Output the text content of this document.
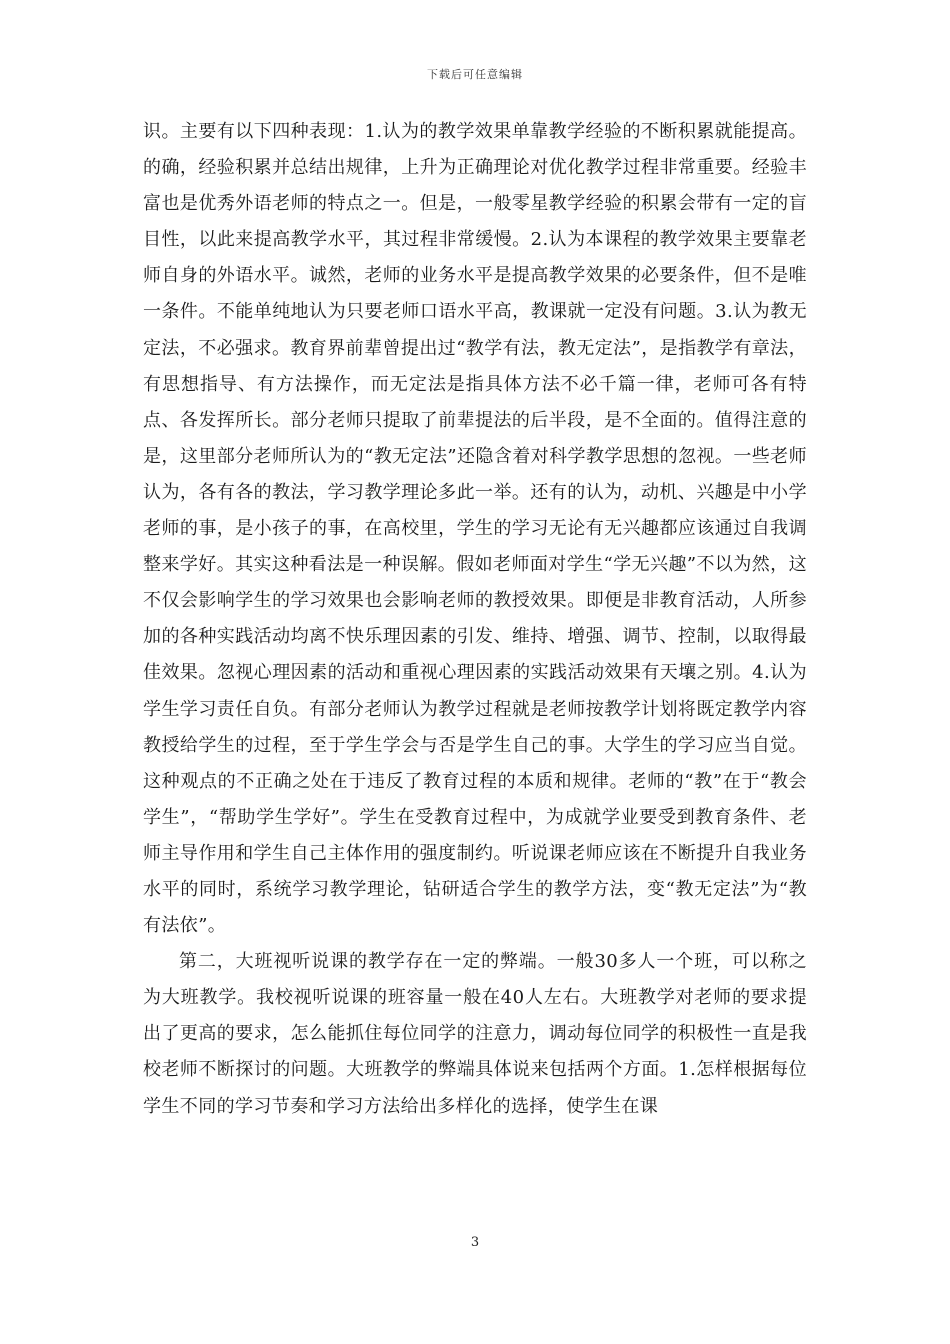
下载后可任意编辑

识。主要有以下四种表现：1.认为的教学效果单靠教学经验的不断积累就能提高。的确，经验积累并总结出规律，上升为正确理论对优化教学过程非常重要。经验丰富也是优秀外语老师的特点之一。但是，一般零星教学经验的积累会带有一定的盲目性，以此来提高教学水平，其过程非常缓慢。2.认为本课程的教学效果主要靠老师自身的外语水平。诚然，老师的业务水平是提高教学效果的必要条件，但不是唯一条件。不能单纯地认为只要老师口语水平高，教课就一定没有问题。3.认为教无定法，不必强求。教育界前辈曾提出过“教学有法，教无定法”，是指教学有章法，有思想指导、有方法操作，而无定法是指具体方法不必千篇一律，老师可各有特点、各发挥所长。部分老师只提取了前辈提法的后半段，是不全面的。值得注意的是，这里部分老师所认为的“教无定法”还隐含着对科学教学思想的忽视。一些老师认为，各有各的教法，学习教学理论多此一举。还有的认为，动机、兴趣是中小学老师的事，是小孩子的事，在高校里，学生的学习无论有无兴趣都应该通过自我调整来学好。其实这种看法是一种误解。假如老师面对学生“学无兴趣”不以为然，这不仅会影响学生的学习效果也会影响老师的教授效果。即便是非教育活动，人所参加的各种实践活动均离不快乐理因素的引发、维持、增强、调节、控制，以取得最佳效果。忽视心理因素的活动和重视心理因素的实践活动效果有天壤之别。4.认为学生学习责任自负。有部分老师认为教学过程就是老师按教学计划将既定教学内容教授给学生的过程，至于学生学会与否是学生自己的事。大学生的学习应当自觉。这种观点的不正确之处在于违反了教育过程的本质和规律。老师的“教”在于“教会学生”，“帮助学生学好”。学生在受教育过程中，为成就学业要受到教育条件、老师主导作用和学生自己主体作用的强度制约。听说课老师应该在不断提升自我业务水平的同时，系统学习教学理论，钻研适合学生的教学方法，变“教无定法”为“教有法依”。

第二，大班视听说课的教学存在一定的弊端。一般30多人一个班，可以称之为大班教学。我校视听说课的班容量一般在40人左右。大班教学对老师的要求提出了更高的要求，怎么能抓住每位同学的注意力，调动每位同学的积极性一直是我校老师不断探讨的问题。大班教学的弊端具体说来包括两个方面。1.怎样根据每位学生不同的学习节奏和学习方法给出多样化的选择，使学生在课

3
